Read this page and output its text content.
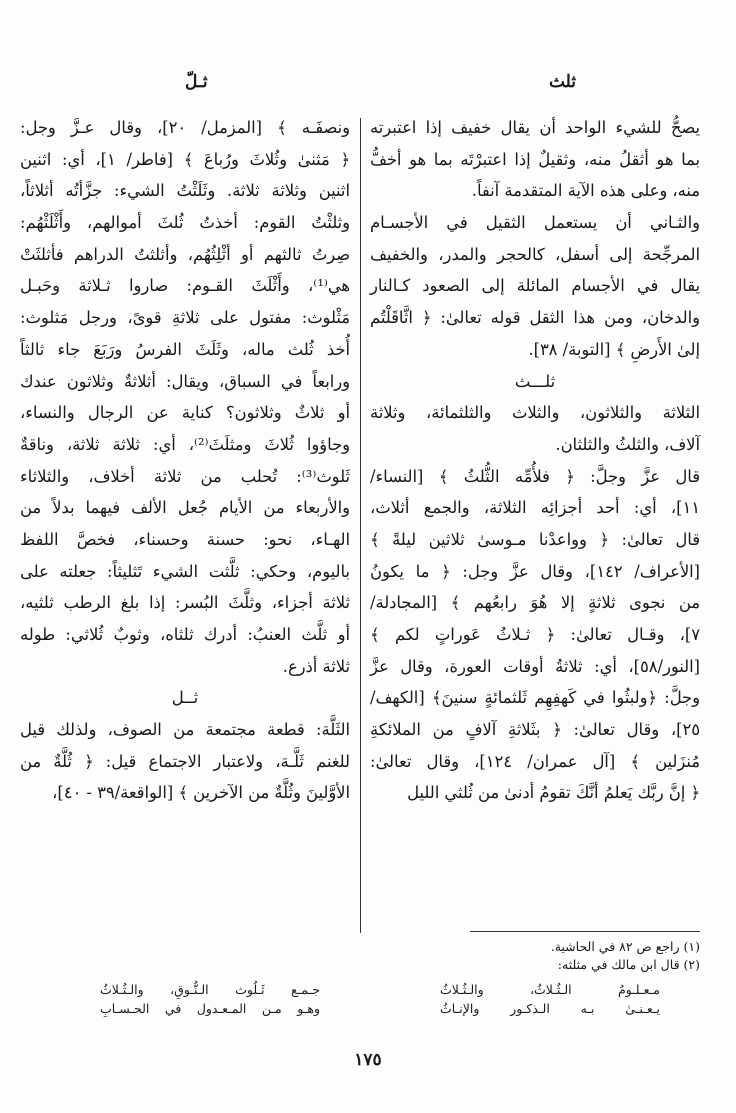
ثلث
ثـلّ
يصحُّ للشيء الواحد أن يقال خفيف إذا اعتبرته
بما هو أثقلُ منه، وثقيلٌ إذا اعتبرْتَه بما هو أخفُّ
منه، وعلى هذه الآية المتقدمة آنفاً.
والثـاني أن يستعمل الثقيل في الأجسـام
المرجِّحة إلى أسفل، كالحجر والمدر، والخفيف
يقال في الأجسام المائلة إلى الصعود كـالنار
والدخان، ومن هذا الثقل قوله تعالىٰ: ﴿ اثَّاقَلْتُم
إلىٰ الأَرضِ ﴾ [التوبة/ ٣٨].
ثلـــث
الثلاثة والثلاثون، والثلاث والثلثمائة، وثلاثة
آلاف، والثلثُ والثلثان.
قال عزَّ وجلَّ: ﴿ فلأُمِّه الثُّلثُ ﴾ [النساء/
١١]، أي: أحد أجزائِه الثلاثة، والجمع أثلاث،
قال تعالىٰ: ﴿ وواعدْنا مـوسىٰ ثلاثين ليلةً ﴾
[الأعراف/ ١٤٢]، وقال عزَّ وجل: ﴿ ما يكونُ
من نجوى ثلاثةٍ إلا هُوَ رابعُهم ﴾ [المجادلة/
٧]، وقـال تعالىٰ: ﴿ ثـلاثُ عَوراتٍ لكم ﴾
[النور/٥٨]، أي: ثلاثةُ أوقات العورة، وقال عزَّ
وجلَّ: ﴿ولبثُوا في كَهفِهِم ثَلثمائةٍ سنينَ﴾ [الكهف/
٢٥]، وقال تعالىٰ: ﴿ بثَلاثةِ آلافٍ من الملائكةِ
مُنزَلين ﴾ [آل عمران/ ١٢٤]، وقال تعالىٰ:
﴿ إنَّ ربَّك يَعلمُ أنَّكَ تقومُ أدنىٰ من ثُلثي الليل
ونصفَـه ﴾ [المزمل/ ٢٠]، وقال عـزَّ وجل:
﴿ مَثنىٰ وثُلاثَ ورُباعَ ﴾ [فاطر/ ١]، أي: اثنين
اثنين وثلاثة ثلاثة. وثَلَثْتُ الشيء: جزَّأتُه أثلاثاً،
وثلثْتُ القوم: أخذتُ ثُلثَ أموالهم، وأَثْلَثْهُم:
صِرتُ ثالثهم أو أثْلِثُهُم، وأثلثتُ الدراهم فأثلثَتْ
هي⁽¹⁾، وأَثْلَثَ القـوم: صاروا ثـلاثة وحَبـل
مَثْلوث: مفتول على ثلاثةِ قوىً، ورجل مَثلوث:
أُخذ ثُلث ماله، وثَلَثَ الفرسُ ورَبَعَ جاء ثالثاً
ورابعاً في السباق، ويقال: أثلاثةٌ وثلاثون عندك
أو ثلاثٌ وثلاثون؟ كناية عن الرجال والنساء،
وجاؤوا ثُلاثَ ومثلَثَ⁽²⁾، أي: ثلاثة ثلاثة، وناقةٌ
ثَلوث⁽³⁾: تُحلب من ثلاثة أخلاف، والثلاثاء
والأربعاء من الأيام جُعل الألف فيهما بدلاً من
الهـاء، نحو: حسنة وحسناء، فخصَّ اللفظ
باليوم، وحكي: ثلَّثت الشيء تَثليثاً: جعلته على
ثلاثة أجزاء، وثلَّثَ البُسر: إذا بلغ الرطب ثلثيه،
أو ثلَّث العنبُ: أدرك ثلثاه، وثوبٌ ثُلاثي: طوله
ثلاثة أذرع.
ثــل
الثَلَّة: قطعة مجتمعة من الصوف، ولذلك قيل
للغنم ثَلَّـة، ولاعتبار الاجتماع قيل: ﴿ ثُلَّةٌ من
الأوَّلينَ وثُلَّةٌ من الآخرين ﴾ [الواقعة/٣٩ - ٤٠]،
(١) راجع ص ٨٢ في الحاشية.
(٢) قال ابن مالك في مثلثه:
مـعـلـومُ الـثُـلاثُ، والـثُـلاثُ
جـمـع ثَـلُوث الـنُّـوقِ، والـثُـلاثُ
يـعـنـىٰ بـه الـذكـور والإنـاثُ
وهـو مـن المـعـدول في الحـسـابِ
١٧٥
